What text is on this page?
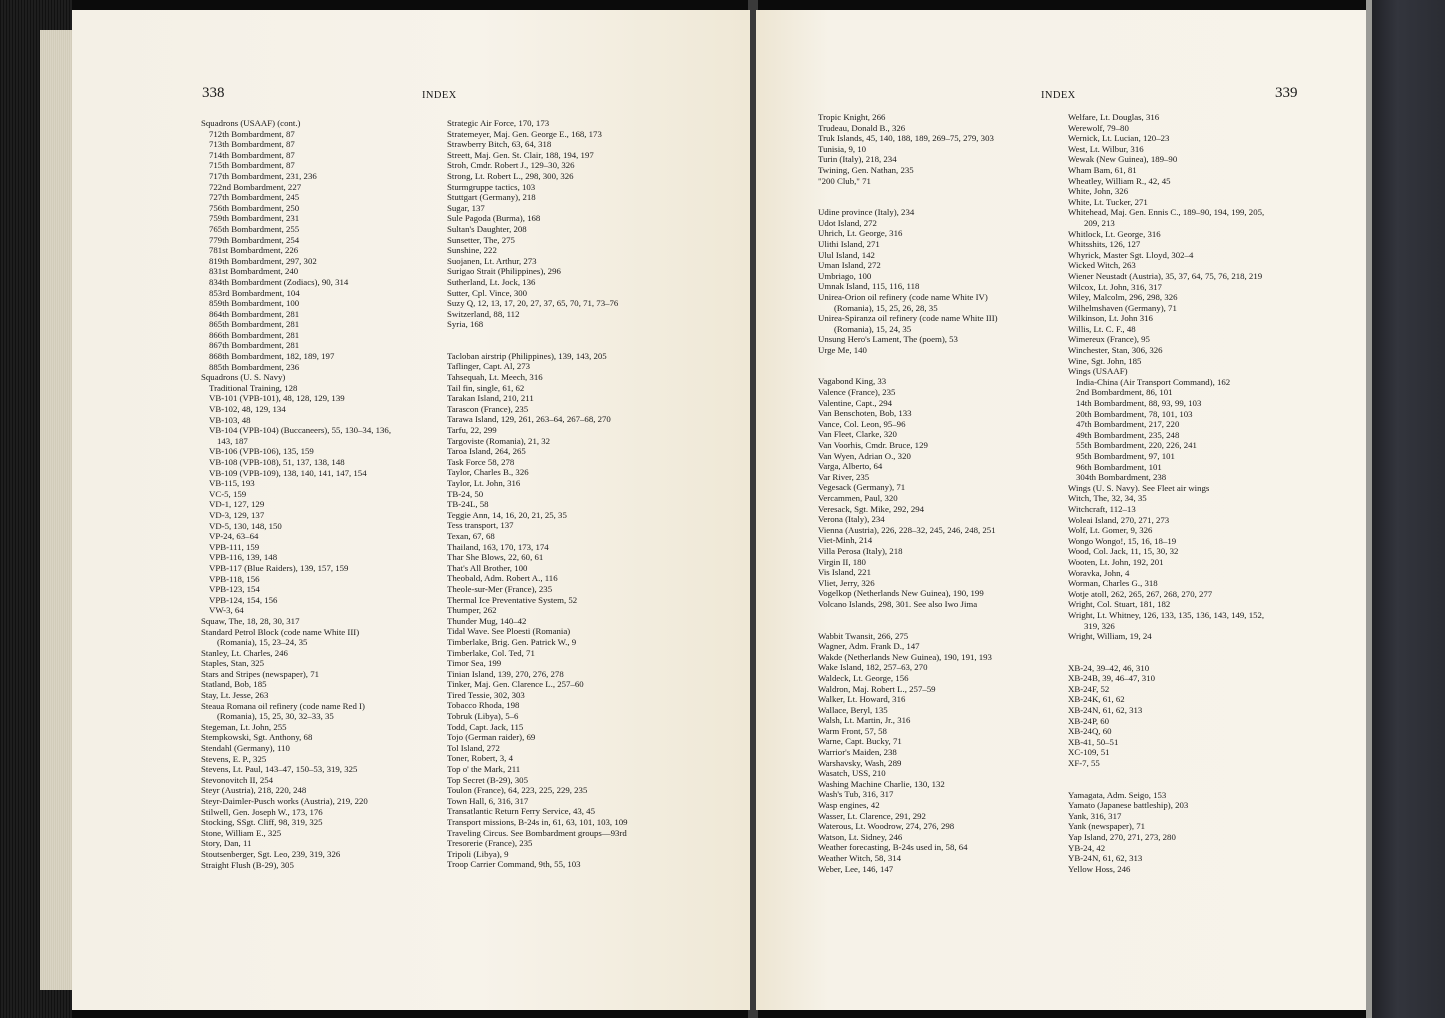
338	INDEX
Squadrons (USAAF) (cont.)
712th Bombardment, 87
713th Bombardment, 87
714th Bombardment, 87
715th Bombardment, 87
717th Bombardment, 231, 236
722nd Bombardment, 227
727th Bombardment, 245
756th Bombardment, 250
759th Bombardment, 231
765th Bombardment, 255
779th Bombardment, 254
781st Bombardment, 226
819th Bombardment, 297, 302
831st Bombardment, 240
834th Bombardment (Zodiacs), 90, 314
853rd Bombardment, 104
859th Bombardment, 100
864th Bombardment, 281
865th Bombardment, 281
866th Bombardment, 281
867th Bombardment, 281
868th Bombardment, 182, 189, 197
885th Bombardment, 236
Squadrons (U. S. Navy)
Traditional Training, 128
VB-101 (VPB-101), 48, 128, 129, 139
VB-102, 48, 129, 134
VB-103, 48
VB-104 (VPB-104) (Buccaneers), 55, 130–34, 136,
143, 187
VB-106 (VPB-106), 135, 159
VB-108 (VPB-108), 51, 137, 138, 148
VB-109 (VPB-109), 138, 140, 141, 147, 154
VB-115, 193
VC-5, 159
VD-1, 127, 129
VD-3, 129, 137
VD-5, 130, 148, 150
VP-24, 63–64
VPB-111, 159
VPB-116, 139, 148
VPB-117 (Blue Raiders), 139, 157, 159
VPB-118, 156
VPB-123, 154
VPB-124, 154, 156
VW-3, 64
Squaw, The, 18, 28, 30, 317
Standard Petrol Block (code name White III)
(Romania), 15, 23–24, 35
Stanley, Lt. Charles, 246
Staples, Stan, 325
Stars and Stripes (newspaper), 71
Statland, Bob, 185
Stay, Lt. Jesse, 263
Steaua Romana oil refinery (code name Red I)
(Romania), 15, 25, 30, 32–33, 35
Stegeman, Lt. John, 255
Stempkowski, Sgt. Anthony, 68
Stendahl (Germany), 110
Stevens, E. P., 325
Stevens, Lt. Paul, 143–47, 150–53, 319, 325
Stevonovitch II, 254
Steyr (Austria), 218, 220, 248
Steyr-Daimler-Pusch works (Austria), 219, 220
Stilwell, Gen. Joseph W., 173, 176
Stocking, SSgt. Cliff, 98, 319, 325
Stone, William E., 325
Story, Dan, 11
Stoutsenberger, Sgt. Leo, 239, 319, 326
Straight Flush (B-29), 305
Strategic Air Force, 170, 173
Stratemeyer, Maj. Gen. George E., 168, 173
Strawberry Bitch, 63, 64, 318
Streett, Maj. Gen. St. Clair, 188, 194, 197
Stroh, Cmdr. Robert J., 129–30, 326
Strong, Lt. Robert L., 298, 300, 326
Sturmgruppe tactics, 103
Stuttgart (Germany), 218
Sugar, 137
Sule Pagoda (Burma), 168
Sultan's Daughter, 208
Sunsetter, The, 275
Sunshine, 222
Suojanen, Lt. Arthur, 273
Surigao Strait (Philippines), 296
Sutherland, Lt. Jock, 136
Sutter, Cpl. Vince, 300
Suzy Q, 12, 13, 17, 20, 27, 37, 65, 70, 71, 73–76
Switzerland, 88, 112
Syria, 168
Tacloban airstrip (Philippines), 139, 143, 205
Taflinger, Capt. Al, 273
Tahsequah, Lt. Meech, 316
Tail fin, single, 61, 62
Tarakan Island, 210, 211
Tarascon (France), 235
Tarawa Island, 129, 261, 263–64, 267–68, 270
Tarfu, 22, 299
Targoviste (Romania), 21, 32
Taroa Island, 264, 265
Task Force 58, 278
Taylor, Charles B., 326
Taylor, Lt. John, 316
TB-24, 50
TB-24L, 58
Teggie Ann, 14, 16, 20, 21, 25, 35
Tess transport, 137
Texan, 67, 68
Thailand, 163, 170, 173, 174
Thar She Blows, 22, 60, 61
That's All Brother, 100
Theobald, Adm. Robert A., 116
Theole-sur-Mer (France), 235
Thermal Ice Preventative System, 52
Thumper, 262
Thunder Mug, 140–42
Tidal Wave. See Ploesti (Romania)
Timberlake, Brig. Gen. Patrick W., 9
Timberlake, Col. Ted, 71
Timor Sea, 199
Tinian Island, 139, 270, 276, 278
Tinker, Maj. Gen. Clarence L., 257–60
Tired Tessie, 302, 303
Tobacco Rhoda, 198
Tobruk (Libya), 5–6
Todd, Capt. Jack, 115
Tojo (German raider), 69
Tol Island, 272
Toner, Robert, 3, 4
Top o' the Mark, 211
Top Secret (B-29), 305
Toulon (France), 64, 223, 225, 229, 235
Town Hall, 6, 316, 317
Transatlantic Return Ferry Service, 43, 45
Transport missions, B-24s in, 61, 63, 101, 103, 109
Traveling Circus. See Bombardment groups—93rd
Tresorerie (France), 235
Tripoli (Libya), 9
Troop Carrier Command, 9th, 55, 103
INDEX	339
Tropic Knight, 266
Trudeau, Donald B., 326
Truk Islands, 45, 140, 188, 189, 269–75, 279, 303
Tunisia, 9, 10
Turin (Italy), 218, 234
Twining, Gen. Nathan, 235
"200 Club," 71
Udine province (Italy), 234
Udot Island, 272
Uhrich, Lt. George, 316
Ulithi Island, 271
Ulul Island, 142
Uman Island, 272
Umbriago, 100
Umnak Island, 115, 116, 118
Unirea-Orion oil refinery (code name White IV)
(Romania), 15, 25, 26, 28, 35
Unirea-Spiranza oil refinery (code name White III)
(Romania), 15, 24, 35
Unsung Hero's Lament, The (poem), 53
Urge Me, 140
Vagabond King, 33
Valence (France), 235
Valentine, Capt., 294
Van Benschoten, Bob, 133
Vance, Col. Leon, 95–96
Van Fleet, Clarke, 320
Van Voorhis, Cmdr. Bruce, 129
Van Wyen, Adrian O., 320
Varga, Alberto, 64
Var River, 235
Vegesack (Germany), 71
Vercammen, Paul, 320
Veresack, Sgt. Mike, 292, 294
Verona (Italy), 234
Vienna (Austria), 226, 228–32, 245, 246, 248, 251
Viet-Minh, 214
Villa Perosa (Italy), 218
Virgin II, 180
Vis Island, 221
Vliet, Jerry, 326
Vogelkop (Netherlands New Guinea), 190, 199
Volcano Islands, 298, 301. See also Iwo Jima
Wabbit Twansit, 266, 275
Wagner, Adm. Frank D., 147
Wakde (Netherlands New Guinea), 190, 191, 193
Wake Island, 182, 257–63, 270
Waldeck, Lt. George, 156
Waldron, Maj. Robert L., 257–59
Walker, Lt. Howard, 316
Wallace, Beryl, 135
Walsh, Lt. Martin, Jr., 316
Warm Front, 57, 58
Warne, Capt. Bucky, 71
Warrior's Maiden, 238
Warshavsky, Wash, 289
Wasatch, USS, 210
Washing Machine Charlie, 130, 132
Wash's Tub, 316, 317
Wasp engines, 42
Wasser, Lt. Clarence, 291, 292
Waterous, Lt. Woodrow, 274, 276, 298
Watson, Lt. Sidney, 246
Weather forecasting, B-24s used in, 58, 64
Weather Witch, 58, 314
Weber, Lee, 146, 147
Welfare, Lt. Douglas, 316
Werewolf, 79–80
Wernick, Lt. Lucian, 120–23
West, Lt. Wilbur, 316
Wewak (New Guinea), 189–90
Wham Bam, 61, 81
Wheatley, William R., 42, 45
White, John, 326
White, Lt. Tucker, 271
Whitehead, Maj. Gen. Ennis C., 189–90, 194, 199, 205,
209, 213
Whitlock, Lt. George, 316
Whitsshits, 126, 127
Whyrick, Master Sgt. Lloyd, 302–4
Wicked Witch, 263
Wiener Neustadt (Austria), 35, 37, 64, 75, 76, 218, 219
Wilcox, Lt. John, 316, 317
Wiley, Malcolm, 296, 298, 326
Wilhelmshaven (Germany), 71
Wilkinson, Lt. John 316
Willis, Lt. C. F., 48
Wimereux (France), 95
Winchester, Stan, 306, 326
Wine, Sgt. John, 185
Wings (USAAF)
India-China (Air Transport Command), 162
2nd Bombardment, 86, 101
14th Bombardment, 88, 93, 99, 103
20th Bombardment, 78, 101, 103
47th Bombardment, 217, 220
49th Bombardment, 235, 248
55th Bombardment, 220, 226, 241
95th Bombardment, 97, 101
96th Bombardment, 101
304th Bombardment, 238
Wings (U. S. Navy). See Fleet air wings
Witch, The, 32, 34, 35
Witchcraft, 112–13
Woleai Island, 270, 271, 273
Wolf, Lt. Gomer, 9, 326
Wongo Wongo!, 15, 16, 18–19
Wood, Col. Jack, 11, 15, 30, 32
Wooten, Lt. John, 192, 201
Woravka, John, 4
Worman, Charles G., 318
Wotje atoll, 262, 265, 267, 268, 270, 277
Wright, Col. Stuart, 181, 182
Wright, Lt. Whitney, 126, 133, 135, 136, 143, 149, 152,
319, 326
Wright, William, 19, 24
XB-24, 39–42, 46, 310
XB-24B, 39, 46–47, 310
XB-24F, 52
XB-24K, 61, 62
XB-24N, 61, 62, 313
XB-24P, 60
XB-24Q, 60
XB-41, 50–51
XC-109, 51
XF-7, 55
Yamagata, Adm. Seigo, 153
Yamato (Japanese battleship), 203
Yank, 316, 317
Yank (newspaper), 71
Yap Island, 270, 271, 273, 280
YB-24, 42
YB-24N, 61, 62, 313
Yellow Hoss, 246
